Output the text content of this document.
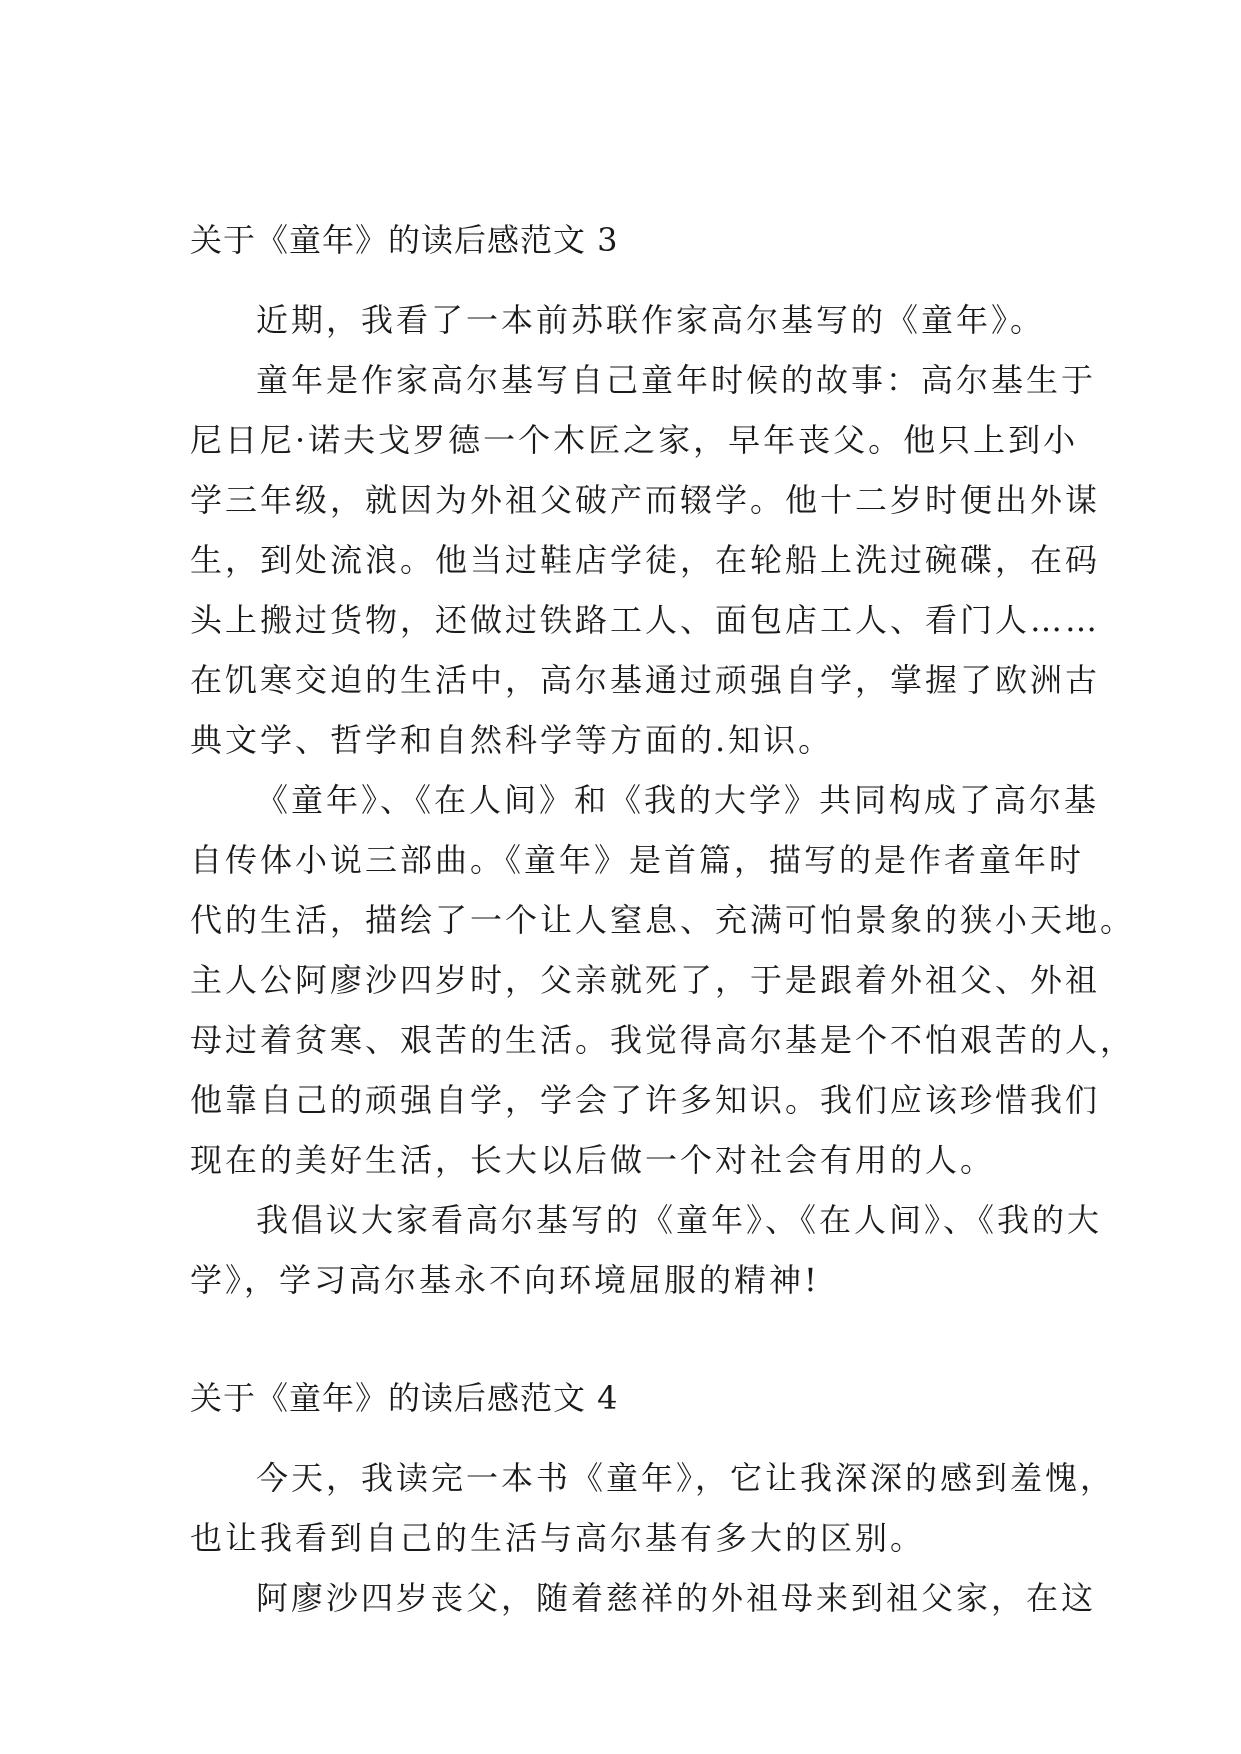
关于《童年》的读后感范文 3

近期，我看了一本前苏联作家高尔基写的《童年》。

童年是作家高尔基写自己童年时候的故事：高尔基生于
尼日尼·诺夫戈罗德一个木匠之家，早年丧父。他只上到小
学三年级，就因为外祖父破产而辍学。他十二岁时便出外谋
生，到处流浪。他当过鞋店学徒，在轮船上洗过碗碟，在码
头上搬过货物，还做过铁路工人、面包店工人、看门人……
在饥寒交迫的生活中，高尔基通过顽强自学，掌握了欧洲古
典文学、哲学和自然科学等方面的.知识。

《童年》、《在人间》和《我的大学》共同构成了高尔基
自传体小说三部曲。《童年》是首篇，描写的是作者童年时
代的生活，描绘了一个让人窒息、充满可怕景象的狭小天地。
主人公阿廖沙四岁时，父亲就死了，于是跟着外祖父、外祖
母过着贫寒、艰苦的生活。我觉得高尔基是个不怕艰苦的人，
他靠自己的顽强自学，学会了许多知识。我们应该珍惜我们
现在的美好生活，长大以后做一个对社会有用的人。

我倡议大家看高尔基写的《童年》、《在人间》、《我的大
学》，学习高尔基永不向环境屈服的精神!

关于《童年》的读后感范文 4

今天，我读完一本书《童年》，它让我深深的感到羞愧，
也让我看到自己的生活与高尔基有多大的区别。

阿廖沙四岁丧父，随着慈祥的外祖母来到祖父家，在这
